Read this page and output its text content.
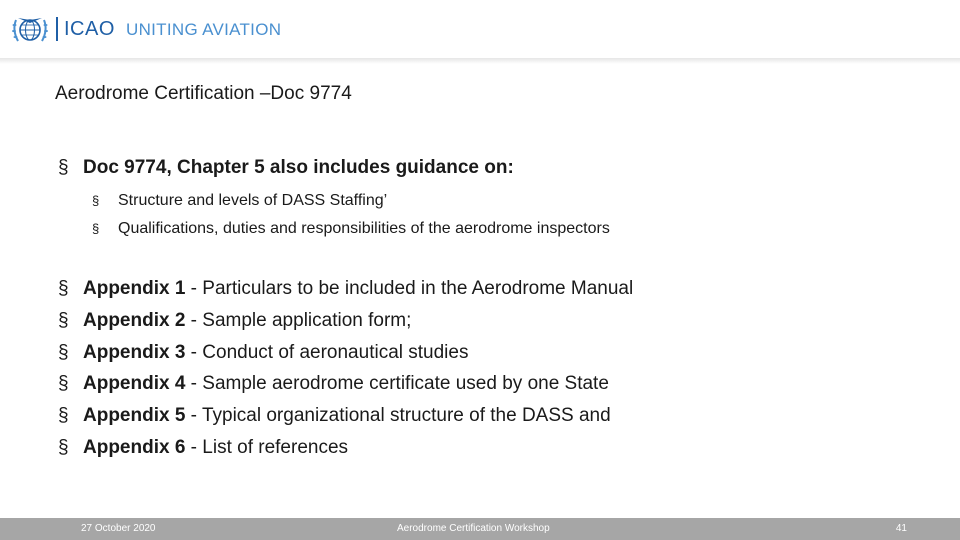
ICAO UNITING AVIATION
Aerodrome Certification –Doc 9774
§ Doc 9774, Chapter 5 also includes guidance on:
§ Structure and levels of DASS Staffing’
§ Qualifications, duties and responsibilities of the aerodrome inspectors
§ Appendix 1 - Particulars to be included in the Aerodrome Manual
§ Appendix 2 - Sample application form;
§ Appendix 3 - Conduct of aeronautical studies
§ Appendix 4 - Sample aerodrome certificate used by one State
§ Appendix 5 - Typical organizational structure of the DASS and
§ Appendix 6 - List of references
27 October 2020	Aerodrome Certification Workshop	41
